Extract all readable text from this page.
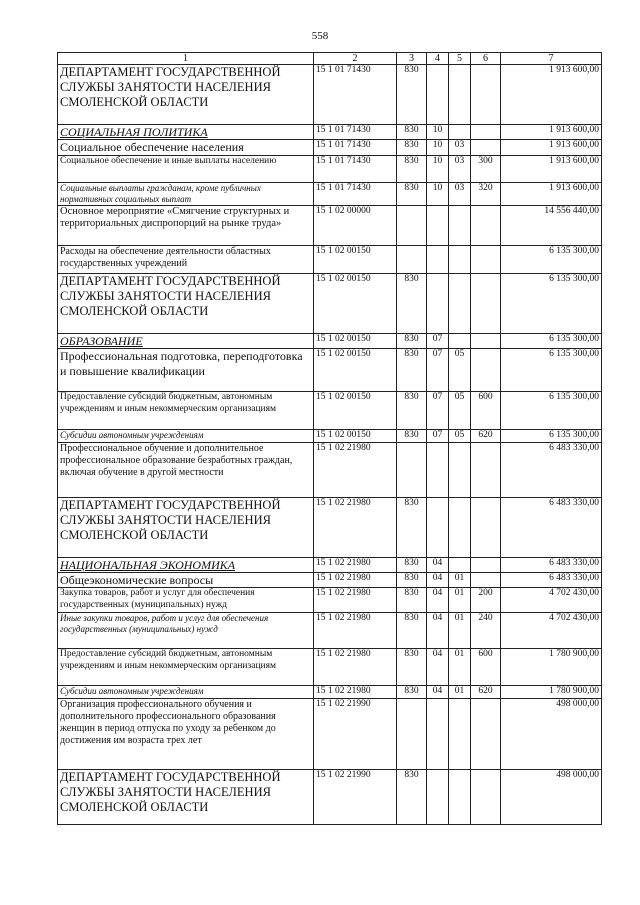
558
1	2	3	4	5	6	7
ДЕПАРТАМЕНТ ГОСУДАРСТВЕННОЙ СЛУЖБЫ ЗАНЯТОСТИ НАСЕЛЕНИЯ СМОЛЕНСКОЙ ОБЛАСТИ	15 1 01 71430	830				1 913 600,00
СОЦИАЛЬНАЯ ПОЛИТИКА	15 1 01 71430	830	10			1 913 600,00
Социальное обеспечение населения	15 1 01 71430	830	10	03		1 913 600,00
Социальное обеспечение и иные выплаты населению	15 1 01 71430	830	10	03	300	1 913 600,00
Социальные выплаты гражданам, кроме публичных нормативных социальных выплат	15 1 01 71430	830	10	03	320	1 913 600,00
Основное мероприятие «Смягчение структурных и территориальных диспропорций на рынке труда»	15 1 02 00000					14 556 440,00
Расходы на обеспечение деятельности областных государственных учреждений	15 1 02 00150					6 135 300,00
ДЕПАРТАМЕНТ ГОСУДАРСТВЕННОЙ СЛУЖБЫ ЗАНЯТОСТИ НАСЕЛЕНИЯ СМОЛЕНСКОЙ ОБЛАСТИ	15 1 02 00150	830				6 135 300,00
ОБРАЗОВАНИЕ	15 1 02 00150	830	07			6 135 300,00
Профессиональная подготовка, переподготовка и повышение квалификации	15 1 02 00150	830	07	05		6 135 300,00
Предоставление субсидий бюджетным, автономным учреждениям и иным некоммерческим организациям	15 1 02 00150	830	07	05	600	6 135 300,00
Субсидии автономным учреждениям	15 1 02 00150	830	07	05	620	6 135 300,00
Профессиональное обучение и дополнительное профессиональное образование безработных граждан, включая обучение в другой местности	15 1 02 21980					6 483 330,00
ДЕПАРТАМЕНТ ГОСУДАРСТВЕННОЙ СЛУЖБЫ ЗАНЯТОСТИ НАСЕЛЕНИЯ СМОЛЕНСКОЙ ОБЛАСТИ	15 1 02 21980	830				6 483 330,00
НАЦИОНАЛЬНАЯ ЭКОНОМИКА	15 1 02 21980	830	04			6 483 330,00
Общеэкономические вопросы	15 1 02 21980	830	04	01		6 483 330,00
Закупка товаров, работ и услуг для обеспечения государственных (муниципальных) нужд	15 1 02 21980	830	04	01	200	4 702 430,00
Иные закупки товаров, работ и услуг для обеспечения государственных (муниципальных) нужд	15 1 02 21980	830	04	01	240	4 702 430,00
Предоставление субсидий бюджетным, автономным учреждениям и иным некоммерческим организациям	15 1 02 21980	830	04	01	600	1 780 900,00
Субсидии автономным учреждениям	15 1 02 21980	830	04	01	620	1 780 900,00
Организация профессионального обучения и дополнительного профессионального образования женщин в период отпуска по уходу за ребенком до достижения им возраста трех лет	15 1 02 21990					498 000,00
ДЕПАРТАМЕНТ ГОСУДАРСТВЕННОЙ СЛУЖБЫ ЗАНЯТОСТИ НАСЕЛЕНИЯ СМОЛЕНСКОЙ ОБЛАСТИ	15 1 02 21990	830				498 000,00
